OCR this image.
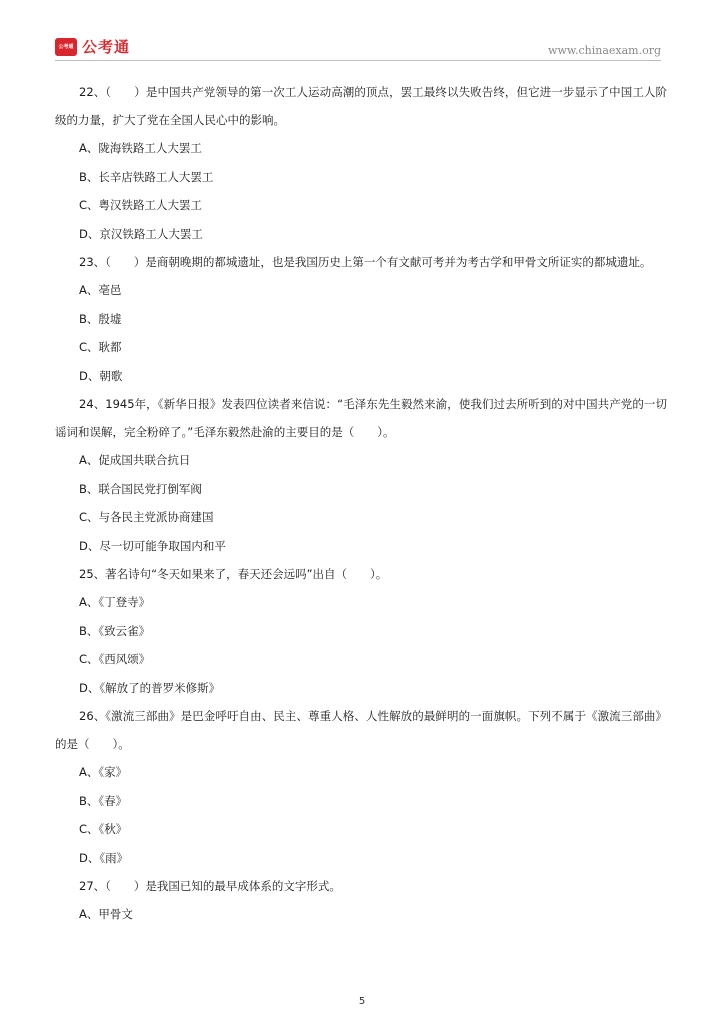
公考通 公考通	www.chinaexam.org

22、（　　）是中国共产党领导的第一次工人运动高潮的顶点，罢工最终以失败告终，但它进一步显示了中国工人阶级的力量，扩大了党在全国人民心中的影响。

A、陇海铁路工人大罢工

B、长辛店铁路工人大罢工

C、粤汉铁路工人大罢工

D、京汉铁路工人大罢工

23、（　　）是商朝晚期的都城遗址，也是我国历史上第一个有文献可考并为考古学和甲骨文所证实的都城遗址。

A、亳邑

B、殷墟

C、耿都

D、朝歌

24、1945年，《新华日报》发表四位读者来信说：“毛泽东先生毅然来渝，使我们过去所听到的对中国共产党的一切谣词和误解，完全粉碎了。”毛泽东毅然赴渝的主要目的是（　　）。

A、促成国共联合抗日

B、联合国民党打倒军阀

C、与各民主党派协商建国

D、尽一切可能争取国内和平

25、著名诗句“冬天如果来了，春天还会远吗”出自（　　）。

A、《丁登寺》

B、《致云雀》

C、《西风颂》

D、《解放了的普罗米修斯》

26、《激流三部曲》是巴金呼吁自由、民主、尊重人格、人性解放的最鲜明的一面旗帜。下列不属于《激流三部曲》的是（　　）。

A、《家》

B、《春》

C、《秋》

D、《雨》

27、（　　）是我国已知的最早成体系的文字形式。

A、甲骨文

5
